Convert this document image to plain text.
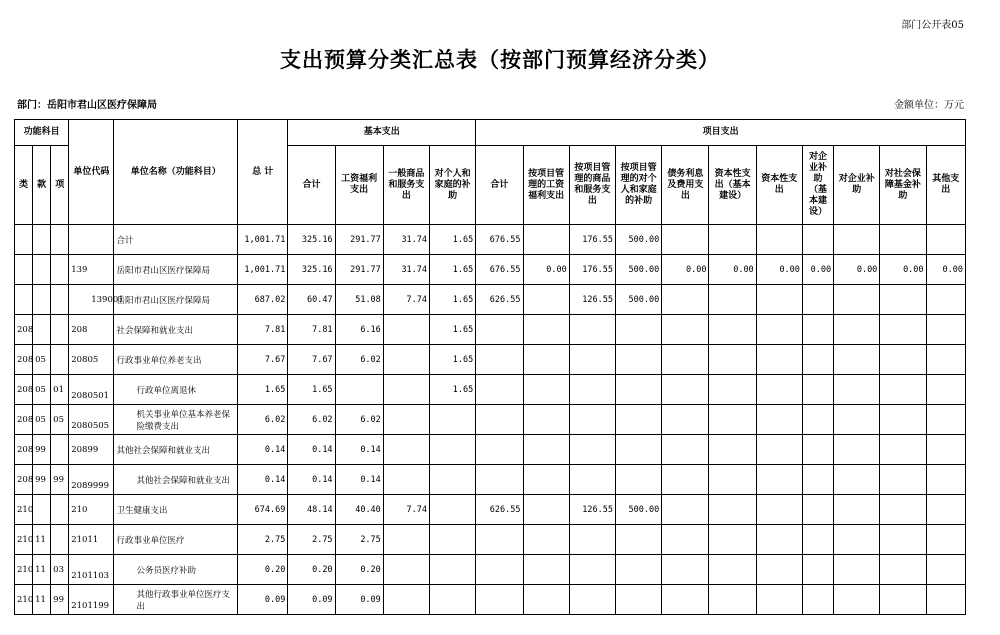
部门公开表05
支出预算分类汇总表（按部门预算经济分类）
部门：岳阳市君山区医疗保障局	金额单位：万元
功能科目			单位代码	单位名称（功能科目）	总 计	基本支出				项目支出										
类	款	项				合计	工资福利支出	一般商品和服务支出	对个人和家庭的补助	合计	按项目管理的工资福利支出	按项目管理的商品和服务支出	按项目管理的对个人和家庭的补助	债务利息及费用支出	资本性支出（基本建设）	资本性支出	对企业补助（基本建设）	对企业补助	对社会保障基金补助	其他支出
				合计	1,001.71	325.16	291.77	31.74	1.65	676.55		176.55	500.00							
			139	岳阳市君山区医疗保障局	1,001.71	325.16	291.77	31.74	1.65	676.55	0.00	176.55	500.00	0.00	0.00	0.00	0.00	0.00	0.00	0.00
			139001	岳阳市君山区医疗保障局	687.02	60.47	51.08	7.74	1.65	626.55		126.55	500.00							
208			208	社会保障和就业支出	7.81	7.81	6.16		1.65											
208	05		20805	行政事业单位养老支出	7.67	7.67	6.02		1.65											
208	05	01	2080501	行政单位离退休	1.65	1.65			1.65											
208	05	05	2080505	机关事业单位基本养老保险缴费支出	6.02	6.02	6.02													
208	99		20899	其他社会保障和就业支出	0.14	0.14	0.14													
208	99	99	2089999	其他社会保障和就业支出	0.14	0.14	0.14													
210			210	卫生健康支出	674.69	48.14	40.40	7.74		626.55		126.55	500.00							
210	11		21011	行政事业单位医疗	2.75	2.75	2.75													
210	11	03	2101103	公务员医疗补助	0.20	0.20	0.20													
210	11	99	2101199	其他行政事业单位医疗支出	0.09	0.09	0.09													
